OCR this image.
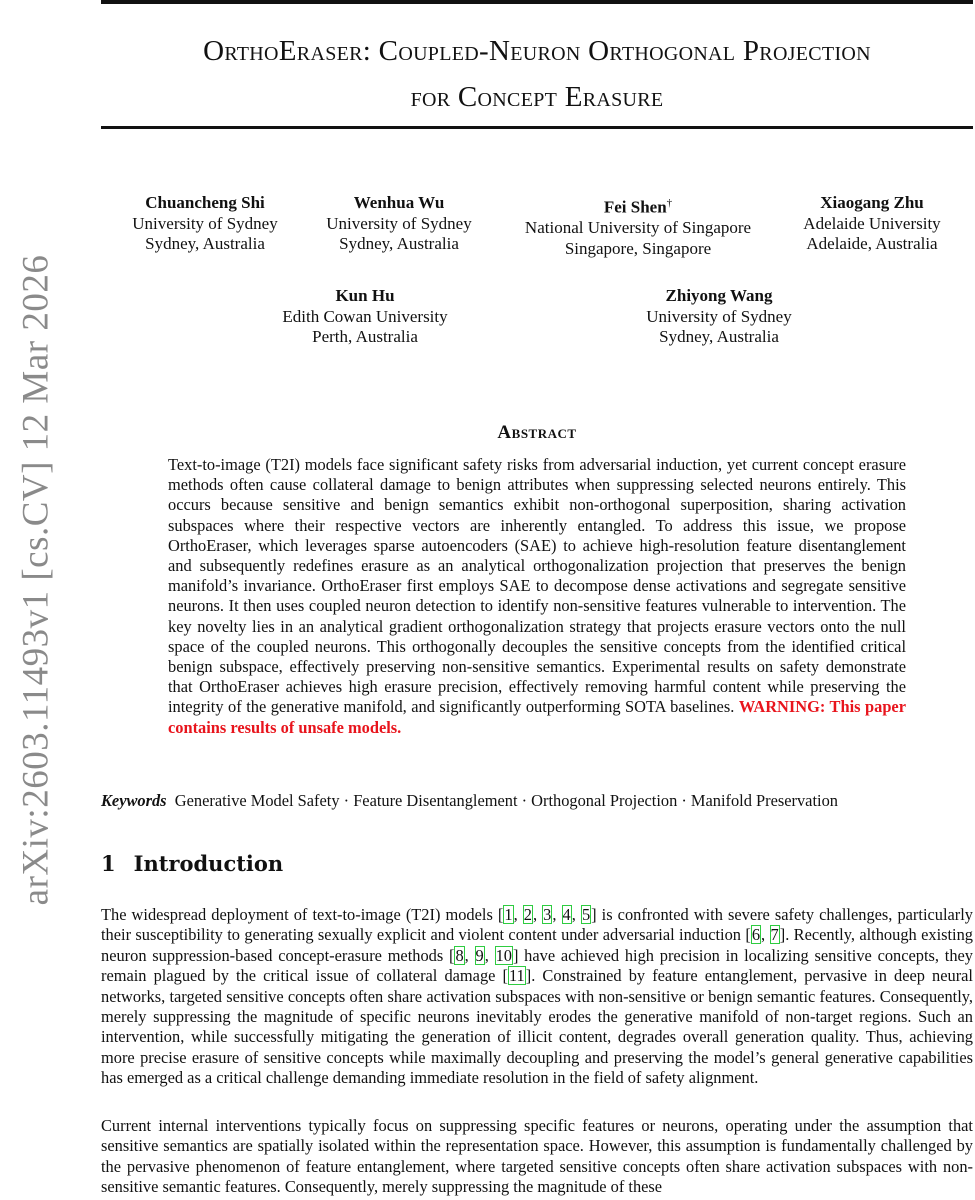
OrthoEraser: Coupled-Neuron Orthogonal Projection
for Concept Erasure
arXiv:2603.11493v1 [cs.CV] 12 Mar 2026
Chuancheng Shi
University of Sydney
Sydney, Australia
Wenhua Wu
University of Sydney
Sydney, Australia
Fei Shen†
National University of Singapore
Singapore, Singapore
Xiaogang Zhu
Adelaide University
Adelaide, Australia
Kun Hu
Edith Cowan University
Perth, Australia
Zhiyong Wang
University of Sydney
Sydney, Australia
Abstract
Text-to-image (T2I) models face significant safety risks from adversarial induction, yet current concept erasure methods often cause collateral damage to benign attributes when suppressing selected neurons entirely. This occurs because sensitive and benign semantics exhibit non-orthogonal superposition, sharing activation subspaces where their respective vectors are inherently entangled. To address this issue, we propose OrthoEraser, which leverages sparse autoencoders (SAE) to achieve high-resolution feature disentanglement and subsequently redefines erasure as an analytical orthogonalization projection that preserves the benign manifold’s invariance. OrthoEraser first employs SAE to decompose dense activations and segregate sensitive neurons. It then uses coupled neuron detection to identify non-sensitive features vulnerable to intervention. The key novelty lies in an analytical gradient orthogonalization strategy that projects erasure vectors onto the null space of the coupled neurons. This orthogonally decouples the sensitive concepts from the identified critical benign subspace, effectively preserving non-sensitive semantics. Experimental results on safety demonstrate that OrthoEraser achieves high erasure precision, effectively removing harmful content while preserving the integrity of the generative manifold, and significantly outperforming SOTA baselines. WARNING: This paper contains results of unsafe models.
Keywords Generative Model Safety · Feature Disentanglement · Orthogonal Projection · Manifold Preservation
1 Introduction
The widespread deployment of text-to-image (T2I) models [1, 2, 3, 4, 5] is confronted with severe safety challenges, particularly their susceptibility to generating sexually explicit and violent content under adversarial induction [6, 7]. Recently, although existing neuron suppression-based concept-erasure methods [8, 9, 10] have achieved high precision in localizing sensitive concepts, they remain plagued by the critical issue of collateral damage [11]. Constrained by feature entanglement, pervasive in deep neural networks, targeted sensitive concepts often share activation subspaces with non-sensitive or benign semantic features. Consequently, merely suppressing the magnitude of specific neurons inevitably erodes the generative manifold of non-target regions. Such an intervention, while successfully mitigating the generation of illicit content, degrades overall generation quality. Thus, achieving more precise erasure of sensitive concepts while maximally decoupling and preserving the model’s general generative capabilities has emerged as a critical challenge demanding immediate resolution in the field of safety alignment.
Current internal interventions typically focus on suppressing specific features or neurons, operating under the assumption that sensitive semantics are spatially isolated within the representation space. However, this assumption is fundamentally challenged by the pervasive phenomenon of feature entanglement, where targeted sensitive concepts often share activation subspaces with non-sensitive semantic features. Consequently, merely suppressing the magnitude of these
